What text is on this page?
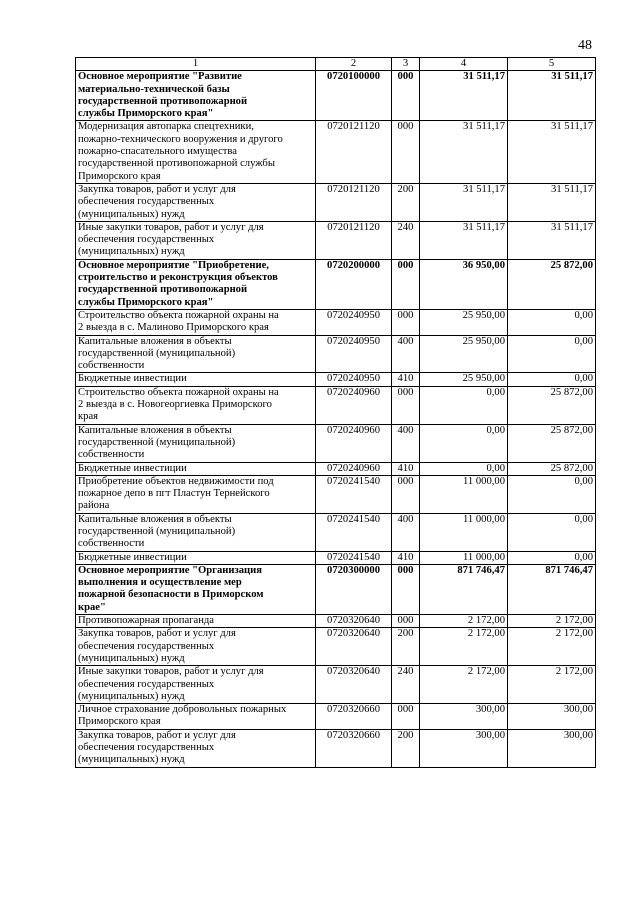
48
1	2	3	4	5
Основное мероприятие "Развитие
материально-технической базы
государственной противопожарной
службы Приморского края"	0720100000	000	31 511,17	31 511,17
Модернизация автопарка спецтехники,
пожарно-технического вооружения и другого
пожарно-спасательного имущества
государственной противопожарной службы
Приморского края	0720121120	000	31 511,17	31 511,17
Закупка товаров, работ и услуг для
обеспечения государственных
(муниципальных) нужд	0720121120	200	31 511,17	31 511,17
Иные закупки товаров, работ и услуг для
обеспечения государственных
(муниципальных) нужд	0720121120	240	31 511,17	31 511,17
Основное мероприятие "Приобретение,
строительство и реконструкция объектов
государственной противопожарной
службы Приморского края"	0720200000	000	36 950,00	25 872,00
Строительство объекта пожарной охраны на
2 выезда в с. Малиново Приморского края	0720240950	000	25 950,00	0,00
Капитальные вложения в объекты
государственной (муниципальной)
собственности	0720240950	400	25 950,00	0,00
Бюджетные инвестиции	0720240950	410	25 950,00	0,00
Строительство объекта пожарной охраны на
2 выезда в с. Новогеоргиевка Приморского
края	0720240960	000	0,00	25 872,00
Капитальные вложения в объекты
государственной (муниципальной)
собственности	0720240960	400	0,00	25 872,00
Бюджетные инвестиции	0720240960	410	0,00	25 872,00
Приобретение объектов недвижимости под
пожарное депо в пгт Пластун Тернейского
района	0720241540	000	11 000,00	0,00
Капитальные вложения в объекты
государственной (муниципальной)
собственности	0720241540	400	11 000,00	0,00
Бюджетные инвестиции	0720241540	410	11 000,00	0,00
Основное мероприятие "Организация
выполнения и осуществление мер
пожарной безопасности в Приморском
крае"	0720300000	000	871 746,47	871 746,47
Противопожарная пропаганда	0720320640	000	2 172,00	2 172,00
Закупка товаров, работ и услуг для
обеспечения государственных
(муниципальных) нужд	0720320640	200	2 172,00	2 172,00
Иные закупки товаров, работ и услуг для
обеспечения государственных
(муниципальных) нужд	0720320640	240	2 172,00	2 172,00
Личное страхование добровольных пожарных
Приморского края	0720320660	000	300,00	300,00
Закупка товаров, работ и услуг для
обеспечения государственных
(муниципальных) нужд	0720320660	200	300,00	300,00
